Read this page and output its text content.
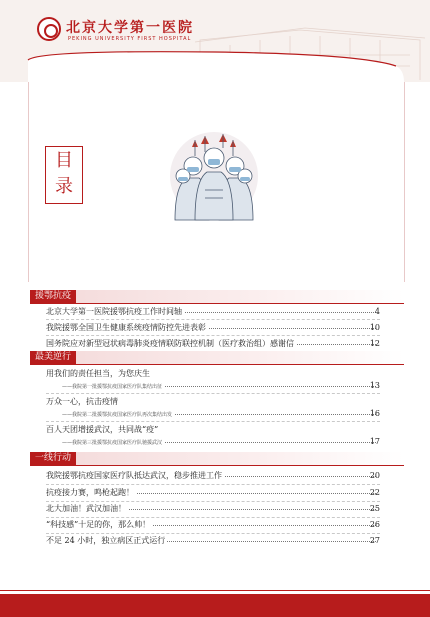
北京大学第一医院
PEKING UNIVERSITY FIRST HOSPITAL
目
录
援鄂抗疫
北京大学第一医院援鄂抗疫工作时间轴	4
我院援鄂全国卫生健康系统疫情防控先进表彰	10
国务院应对新型冠状病毒肺炎疫情联防联控机制（医疗救治组）感谢信	12
最美逆行
用我们的责任担当，为您庆生
——我院第一批援鄂抗疫国家医疗队集结出征	13
万众一心，抗击疫情
——我院第二批援鄂抗疫国家医疗队再次集结出发	16
百人天团增援武汉，共同战“疫”
——我院第三批援鄂抗疫国家医疗队驰援武汉	17
一线行动
我院援鄂抗疫国家医疗队抵达武汉，稳步推进工作	20
抗疫接力赛，鸣枪起跑！	22
北大加油！武汉加油！	25
“科技感”十足的你，那么帅！	26
不足 24 小时，独立病区正式运行	27
